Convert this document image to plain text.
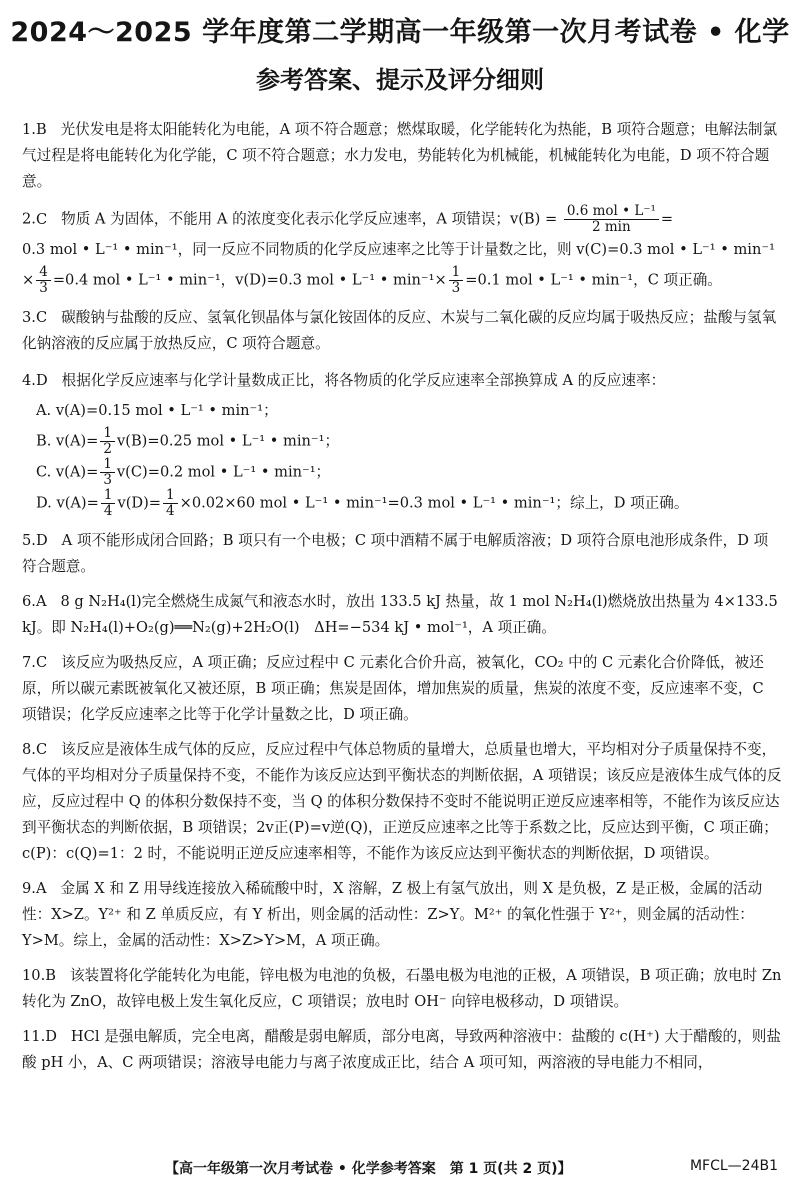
2024～2025 学年度第二学期高一年级第一次月考试卷 • 化学
参考答案、提示及评分细则
1.B 光伏发电是将太阳能转化为电能，A 项不符合题意；燃煤取暖，化学能转化为热能，B 项符合题意；电解法制氯气过程是将电能转化为化学能，C 项不符合题意；水力发电，势能转化为机械能，机械能转化为电能，D 项不符合题意。
2.C 物质 A 为固体，不能用 A 的浓度变化表示化学反应速率，A 项错误；$v(B) = \frac{\text{0.6 mol • L⁻¹}}{2 \min}$ =
0.3 mol • L⁻¹ • min⁻¹，同一反应不同物质的化学反应速率之比等于计量数之比，则 v(C)=0.3 mol • L⁻¹ • min⁻¹
× $\frac{4}{3} =0.4$ mol • L⁻¹ • min⁻¹，v(D)=0.3 mol • L⁻¹ • $\min^{-1}\times \frac{1}{3} =0.1$ mol • L⁻¹ • min⁻¹，C 项正确。
3.C 碳酸钠与盐酸的反应、氢氧化钡晶体与氯化铵固体的反应、木炭与二氧化碳的反应均属于吸热反应；盐酸与氢氧化钠溶液的反应属于放热反应，C 项符合题意。
4.D 根据化学反应速率与化学计量数成正比，将各物质的化学反应速率全部换算成 A 的反应速率：
A. v(A)=0.15 mol • L⁻¹ • min⁻¹；
B. $v(A)= \frac{1}{2} v(B)=0.25$ mol • L⁻¹ • min⁻¹；
C. $v(A)= \frac{1}{3} v(C)=0.2$ mol • L⁻¹ • min⁻¹；
D. $v(A)= \frac{1}{4} v(D)= \frac{1}{4} \times 0.02\times 60$ mol • L⁻¹ • min⁻¹=0.3 mol • L⁻¹ • min⁻¹；综上，D 项正确。
5.D A 项不能形成闭合回路；B 项只有一个电极；C 项中酒精不属于电解质溶液；D 项符合原电池形成条件，D 项符合题意。
6.A 8 g N₂H₄(l)完全燃烧生成氮气和液态水时，放出 133.5 kJ 热量，故 1 mol N₂H₄(l)燃烧放出热量为 4×133.5 kJ。即 N₂H₄(l)+O₂(g)══N₂(g)+2H₂O(l)　ΔH=−534 kJ • mol⁻¹，A 项正确。
7.C 该反应为吸热反应，A 项正确；反应过程中 C 元素化合价升高，被氧化，CO₂ 中的 C 元素化合价降低，被还原，所以碳元素既被氧化又被还原，B 项正确；焦炭是固体，增加焦炭的质量，焦炭的浓度不变，反应速率不变，C 项错误；化学反应速率之比等于化学计量数之比，D 项正确。
8.C 该反应是液体生成气体的反应，反应过程中气体总物质的量增大，总质量也增大，平均相对分子质量保持不变，气体的平均相对分子质量保持不变，不能作为该反应达到平衡状态的判断依据，A 项错误；该反应是液体生成气体的反应，反应过程中 Q 的体积分数保持不变，当 Q 的体积分数保持不变时不能说明正逆反应速率相等，不能作为该反应达到平衡状态的判断依据，B 项错误；2v正(P)=v逆(Q)，正逆反应速率之比等于系数之比，反应达到平衡，C 项正确；c(P)：c(Q)=1：2 时，不能说明正逆反应速率相等，不能作为该反应达到平衡状态的判断依据，D 项错误。
9.A 金属 X 和 Z 用导线连接放入稀硫酸中时，X 溶解，Z 极上有氢气放出，则 X 是负极，Z 是正极，金属的活动性：X>Z。Y²⁺ 和 Z 单质反应，有 Y 析出，则金属的活动性：Z>Y。M²⁺ 的氧化性强于 Y²⁺，则金属的活动性：Y>M。综上，金属的活动性：X>Z>Y>M，A 项正确。
10.B 该装置将化学能转化为电能，锌电极为电池的负极，石墨电极为电池的正极，A 项错误，B 项正确；放电时 Zn 转化为 ZnO，故锌电极上发生氧化反应，C 项错误；放电时 OH⁻ 向锌电极移动，D 项错误。
11.D HCl 是强电解质，完全电离，醋酸是弱电解质，部分电离，导致两种溶液中：盐酸的 c(H⁺) 大于醋酸的，则盐酸 pH 小，A、C 两项错误；溶液导电能力与离子浓度成正比，结合 A 项可知，两溶液的导电能力不相同，
【高一年级第一次月考试卷 • 化学参考答案　第 1 页(共 2 页)】	MFCL—24B1
